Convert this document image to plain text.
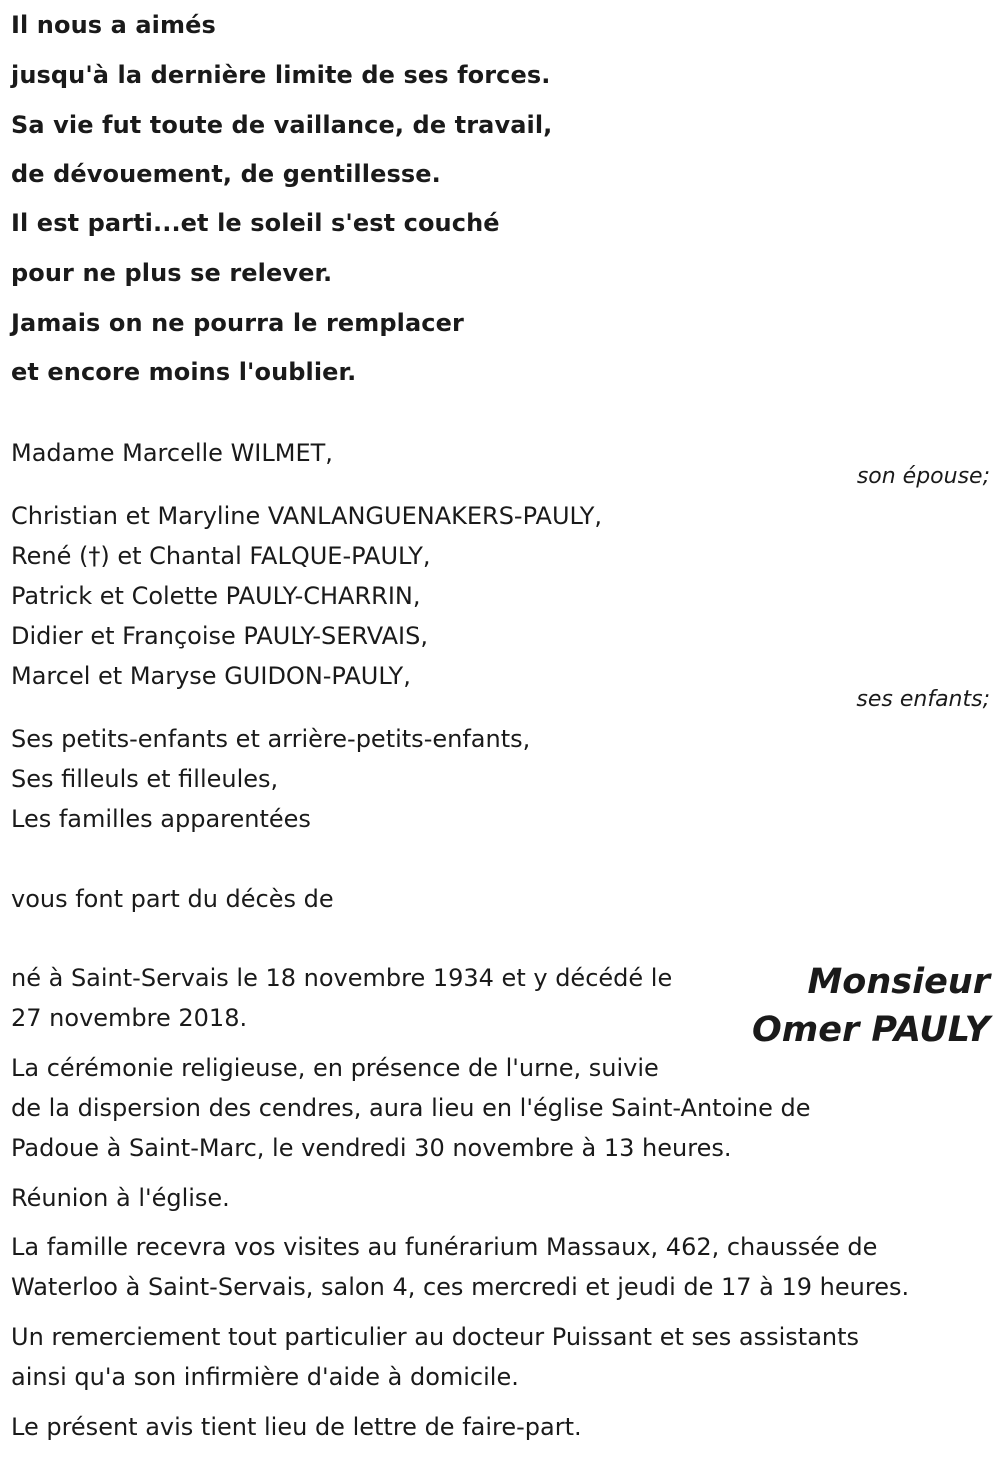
Il nous a aimés
jusqu'à la dernière limite de ses forces.
Sa vie fut toute de vaillance, de travail,
de dévouement, de gentillesse.
Il est parti...et le soleil s'est couché
pour ne plus se relever.
Jamais on ne pourra le remplacer
et encore moins l'oublier.
Madame Marcelle WILMET,
son épouse;
Christian et Maryline VANLANGUENAKERS-PAULY,
René (†) et Chantal FALQUE-PAULY,
Patrick et Colette PAULY-CHARRIN,
Didier et Françoise PAULY-SERVAIS,
Marcel et Maryse GUIDON-PAULY,
ses enfants;
Ses petits-enfants et arrière-petits-enfants,
Ses filleuls et filleules,
Les familles apparentées
vous font part du décès de
Monsieur
Omer PAULY
né à Saint-Servais le 18 novembre 1934 et y décédé le
27 novembre 2018.
La cérémonie religieuse, en présence de l'urne, suivie
de la dispersion des cendres, aura lieu en l'église Saint-Antoine de
Padoue à Saint-Marc, le vendredi 30 novembre à 13 heures.
Réunion à l'église.
La famille recevra vos visites au funérarium Massaux, 462, chaussée de
Waterloo à Saint-Servais, salon 4, ces mercredi et jeudi de 17 à 19 heures.
Un remerciement tout particulier au docteur Puissant et ses assistants
ainsi qu'a son infirmière d'aide à domicile.
Le présent avis tient lieu de lettre de faire-part.
